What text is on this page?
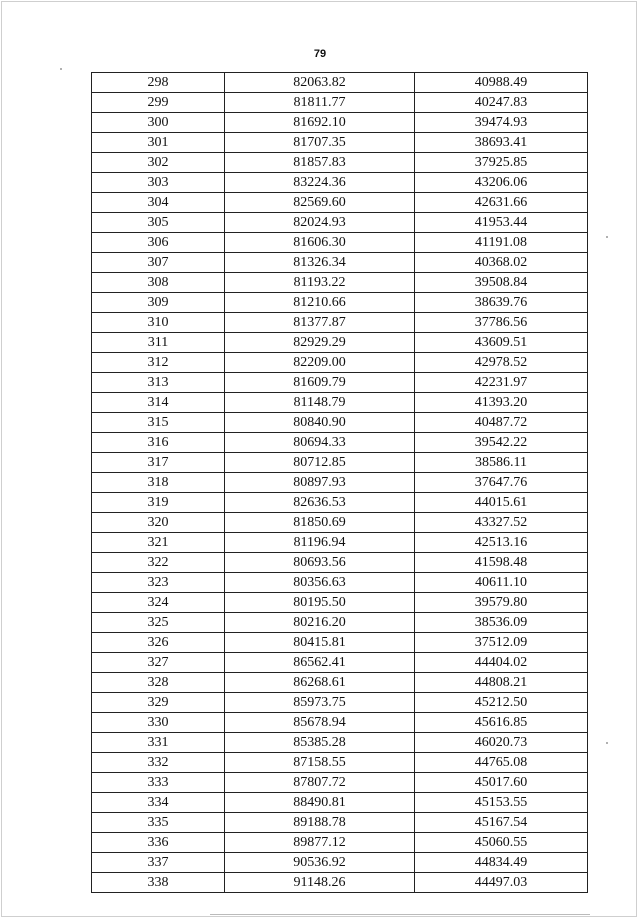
79
298	82063.82	40988.49
299	81811.77	40247.83
300	81692.10	39474.93
301	81707.35	38693.41
302	81857.83	37925.85
303	83224.36	43206.06
304	82569.60	42631.66
305	82024.93	41953.44
306	81606.30	41191.08
307	81326.34	40368.02
308	81193.22	39508.84
309	81210.66	38639.76
310	81377.87	37786.56
311	82929.29	43609.51
312	82209.00	42978.52
313	81609.79	42231.97
314	81148.79	41393.20
315	80840.90	40487.72
316	80694.33	39542.22
317	80712.85	38586.11
318	80897.93	37647.76
319	82636.53	44015.61
320	81850.69	43327.52
321	81196.94	42513.16
322	80693.56	41598.48
323	80356.63	40611.10
324	80195.50	39579.80
325	80216.20	38536.09
326	80415.81	37512.09
327	86562.41	44404.02
328	86268.61	44808.21
329	85973.75	45212.50
330	85678.94	45616.85
331	85385.28	46020.73
332	87158.55	44765.08
333	87807.72	45017.60
334	88490.81	45153.55
335	89188.78	45167.54
336	89877.12	45060.55
337	90536.92	44834.49
338	91148.26	44497.03
